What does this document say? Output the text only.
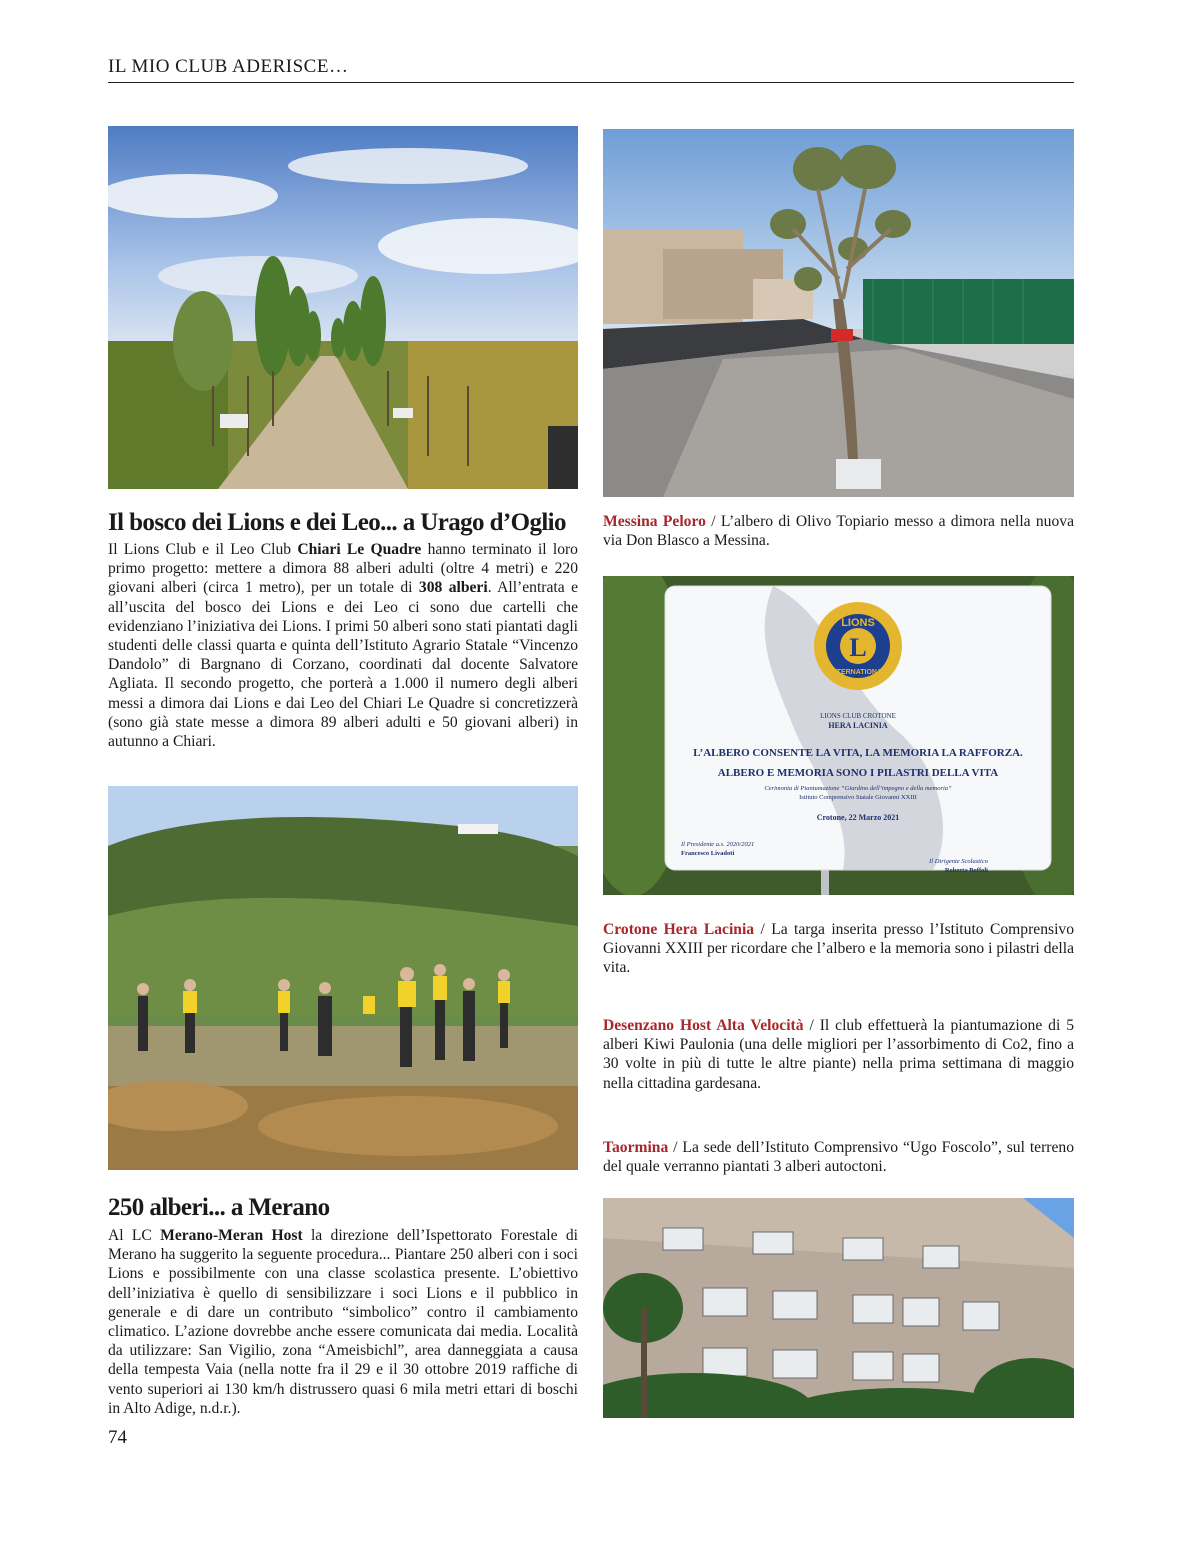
IL MIO CLUB ADERISCE…
Il bosco dei Lions e dei Leo... a Urago d’Oglio
Il Lions Club e il Leo Club Chiari Le Quadre hanno terminato il loro primo progetto: mettere a dimora 88 alberi adulti (oltre 4 metri) e 220 giovani alberi (circa 1 metro), per un totale di 308 alberi. All’entrata e all’uscita del bosco dei Lions e dei Leo ci sono due cartelli che evidenziano l’iniziativa dei Lions. I primi 50 alberi sono stati piantati dagli studenti delle classi quarta e quinta dell’Istituto Agrario Statale “Vincenzo Dandolo” di Bargnano di Corzano, coordinati dal docente Salvatore Agliata. Il secondo progetto, che porterà a 1.000 il numero degli alberi messi a dimora dai Lions e dai Leo del Chiari Le Quadre si concretizzerà (sono già state messe a dimora 89 alberi adulti e 50 giovani alberi) in autunno a Chiari.
Messina Peloro / L’albero di Olivo Topiario messo a dimora nella nuova via Don Blasco a Messina.
L
LIONS
INTERNATIONAL
LIONS CLUB CROTONE
HERA LACINIA
L’ALBERO CONSENTE LA VITA, LA MEMORIA LA RAFFORZA.
ALBERO E MEMORIA SONO I PILASTRI DELLA VITA
Cerimonia di Piantumazione “Giardino dell’impegno e della memoria”
Istituto Comprensivo Statale Giovanni XXIII
Crotone, 22 Marzo 2021
Il Presidente a.s. 2020/2021
Francesco Livadoti
Il Dirigente Scolastico
Roberta Boffoli
Crotone Hera Lacinia / La targa inserita presso l’Istituto Comprensivo Giovanni XXIII per ricordare che l’albero e la memoria sono i pilastri della vita.
Desenzano Host Alta Velocità / Il club effettuerà la piantumazione di 5 alberi Kiwi Paulonia (una delle migliori per l’assorbimento di Co2, fino a 30 volte in più di tutte le altre piante) nella prima settimana di maggio nella cittadina gardesana.
Taormina / La sede dell’Istituto Comprensivo “Ugo Foscolo”, sul terreno del quale verranno piantati 3 alberi autoctoni.
250 alberi... a Merano
Al LC Merano-Meran Host la direzione dell’Ispettorato Forestale di Merano ha suggerito la seguente procedura... Piantare 250 alberi con i soci Lions e possibilmente con una classe scolastica presente. L’obiettivo dell’iniziativa è quello di sensibilizzare i soci Lions e il pubblico in generale e di dare un contributo “simbolico” contro il cambiamento climatico. L’azione dovrebbe anche essere comunicata dai media. Località da utilizzare: San Vigilio, zona “Ameisbichl”, area danneggiata a causa della tempesta Vaia (nella notte fra il 29 e il 30 ottobre 2019 raffiche di vento superiori ai 130 km/h distrussero quasi 6 mila metri ettari di boschi in Alto Adige, n.d.r.).
74
